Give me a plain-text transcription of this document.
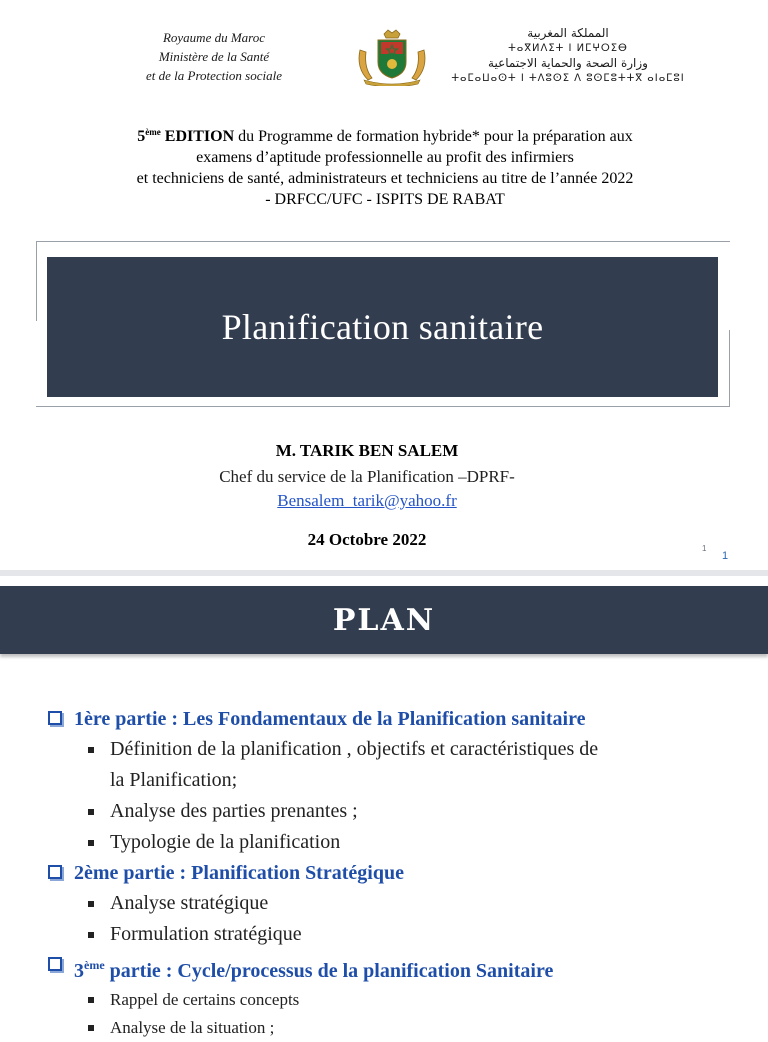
Royaume du Maroc
Ministère de la Santé
et de la Protection sociale
المملكة المغربية
ⵜⴰⴳⵍⴷⵉⵜ ⵏ ⵍⵎⵖⵔⵉⴱ
وزارة الصحة والحماية الاجتماعية
ⵜⴰⵎⴰⵡⴰⵙⵜ ⵏ ⵜⴷⵓⵙⵉ ⴷ ⵓⵙⵎⵓⵜⵜⴳ ⴰⵏⴰⵎⵓⵏ
5ème EDITION du Programme de formation hybride* pour la préparation aux
examens d’aptitude professionnelle au profit des infirmiers
et techniciens de santé, administrateurs et techniciens au titre de l’année 2022
- DRFCC/UFC - ISPITS DE RABAT
Planification sanitaire
M. TARIK BEN SALEM
Chef du service de la Planification –DPRF-
Bensalem_tarik@yahoo.fr
24 Octobre 2022	1
1
PLAN
1ère partie : Les Fondamentaux de la Planification sanitaire
Définition de la planification , objectifs et caractéristiques de
la Planification;
Analyse des parties prenantes ;
Typologie de la planification
2ème partie : Planification Stratégique
Analyse stratégique
Formulation stratégique
3ème partie : Cycle/processus de la planification Sanitaire
Rappel de certains concepts
Analyse de la situation ;
